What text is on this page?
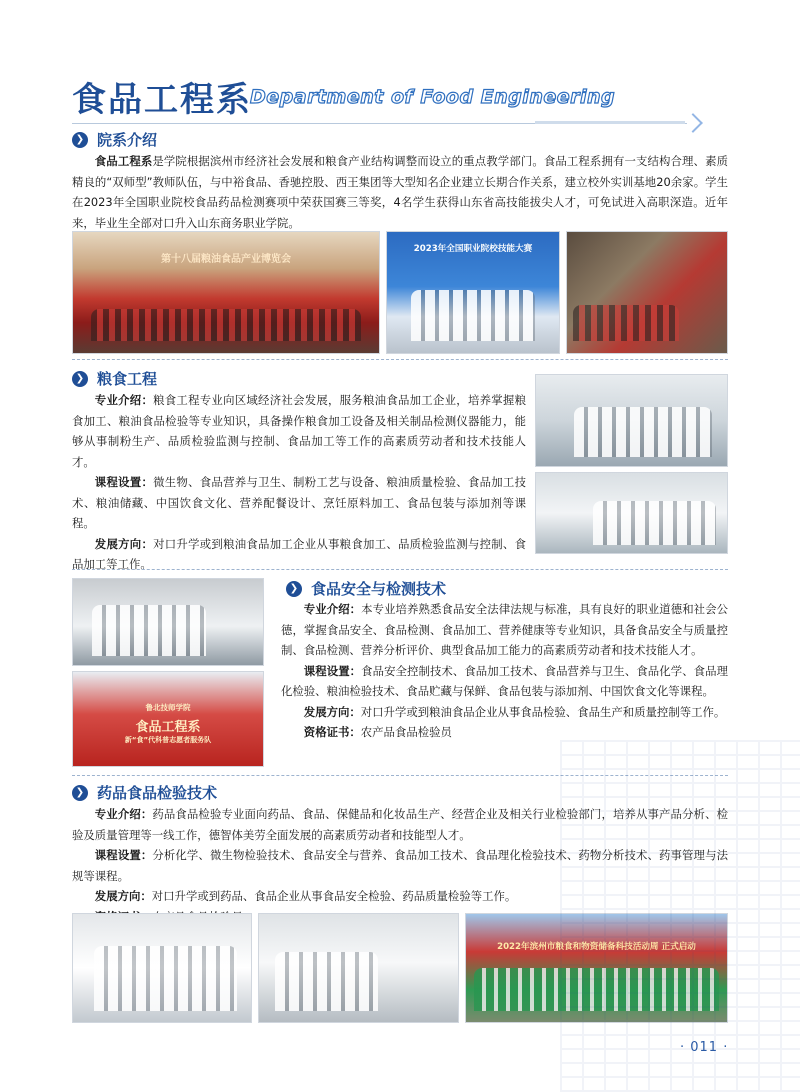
食品工程系
Department of Food Engineering
❯ 院系介绍

食品工程系是学院根据滨州市经济社会发展和粮食产业结构调整而设立的重点教学部门。食品工程系拥有一支结构合理、素质精良的“双师型”教师队伍，与中裕食品、香驰控股、西王集团等大型知名企业建立长期合作关系，建立校外实训基地20余家。学生在2023年全国职业院校食品药品检测赛项中荣获国赛三等奖，4名学生获得山东省高技能拔尖人才，可免试进入高职深造。近年来，毕业生全部对口升入山东商务职业学院。

第十八届粮油食品产业博览会
2023年全国职业院校技能大赛
❯ 粮食工程

专业介绍：粮食工程专业向区域经济社会发展，服务粮油食品加工企业，培养掌握粮食加工、粮油食品检验等专业知识，具备操作粮食加工设备及相关制品检测仪器能力，能够从事制粉生产、品质检验监测与控制、食品加工等工作的高素质劳动者和技术技能人才。

课程设置：微生物、食品营养与卫生、制粉工艺与设备、粮油质量检验、食品加工技术、粮油储藏、中国饮食文化、营养配餐设计、烹饪原料加工、食品包装与添加剂等课程。

发展方向：对口升学或到粮油食品加工企业从事粮食加工、品质检验监测与控制、食品加工等工作。

鲁北技师学院
食品工程系
新“食”代科普志愿者服务队
❯ 食品安全与检测技术

专业介绍：本专业培养熟悉食品安全法律法规与标准，具有良好的职业道德和社会公德，掌握食品安全、食品检测、食品加工、营养健康等专业知识，具备食品安全与质量控制、食品检测、营养分析评价、典型食品加工能力的高素质劳动者和技术技能人才。

课程设置：食品安全控制技术、食品加工技术、食品营养与卫生、食品化学、食品理化检验、粮油检验技术、食品贮藏与保鲜、食品包装与添加剂、中国饮食文化等课程。

发展方向：对口升学或到粮油食品企业从事食品检验、食品生产和质量控制等工作。

资格证书：农产品食品检验员

❯ 药品食品检验技术

专业介绍：药品食品检验专业面向药品、食品、保健品和化妆品生产、经营企业及相关行业检验部门，培养从事产品分析、检验及质量管理等一线工作，德智体美劳全面发展的高素质劳动者和技能型人才。

课程设置：分析化学、微生物检验技术、食品安全与营养、食品加工技术、食品理化检验技术、药物分析技术、药事管理与法规等课程。

发展方向：对口升学或到药品、食品企业从事食品安全检验、药品质量检验等工作。

2022年滨州市粮食和物资储备科技活动周 正式启动
· 011 ·
